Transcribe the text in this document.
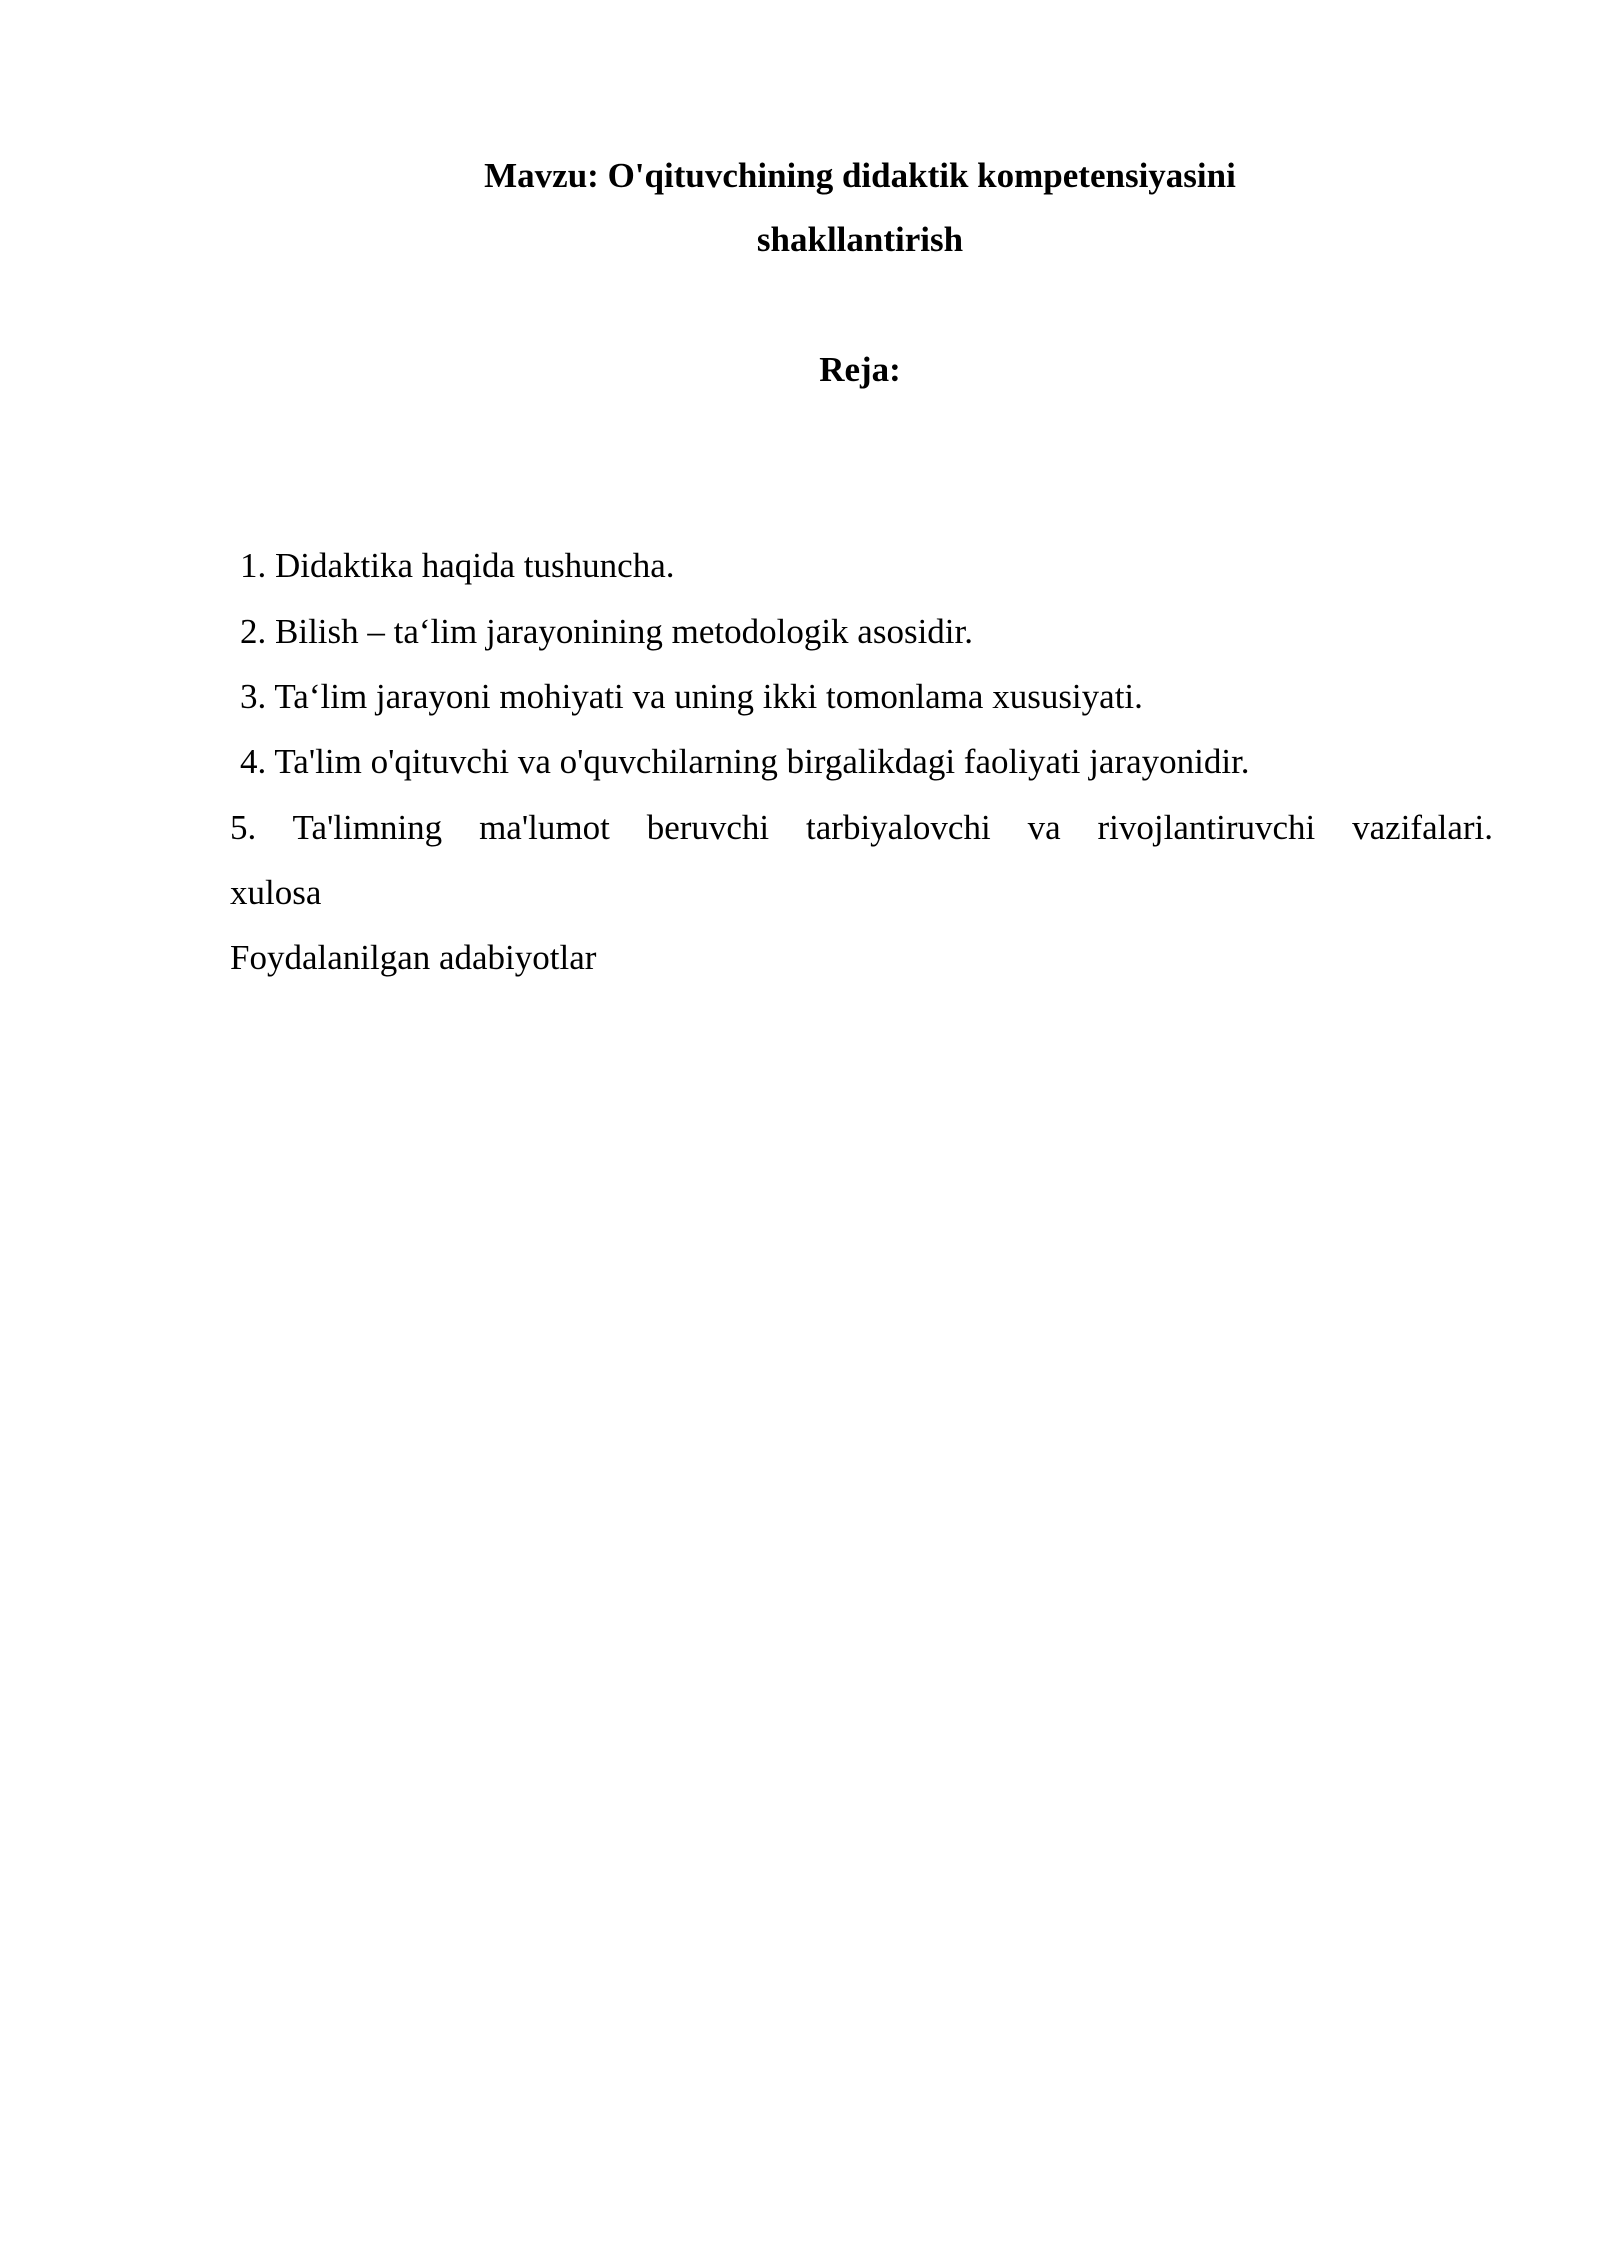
Mavzu: O'qituvchining didaktik kompetensiyasini
shakllantirish
Reja:

1. Didaktika haqida tushuncha.

2. Bilish – taʻlim jarayonining metodologik asosidir.

3. Taʻlim jarayoni mohiyati va uning ikki tomonlama xususiyati.

4. Ta'lim o'qituvchi va o'quvchilarning birgalikdagi faoliyati jarayonidir.

5. Ta'limning ma'lumot beruvchi tarbiyalovchi va rivojlantiruvchi vazifalari.

xulosa

Foydalanilgan adabiyotlar
